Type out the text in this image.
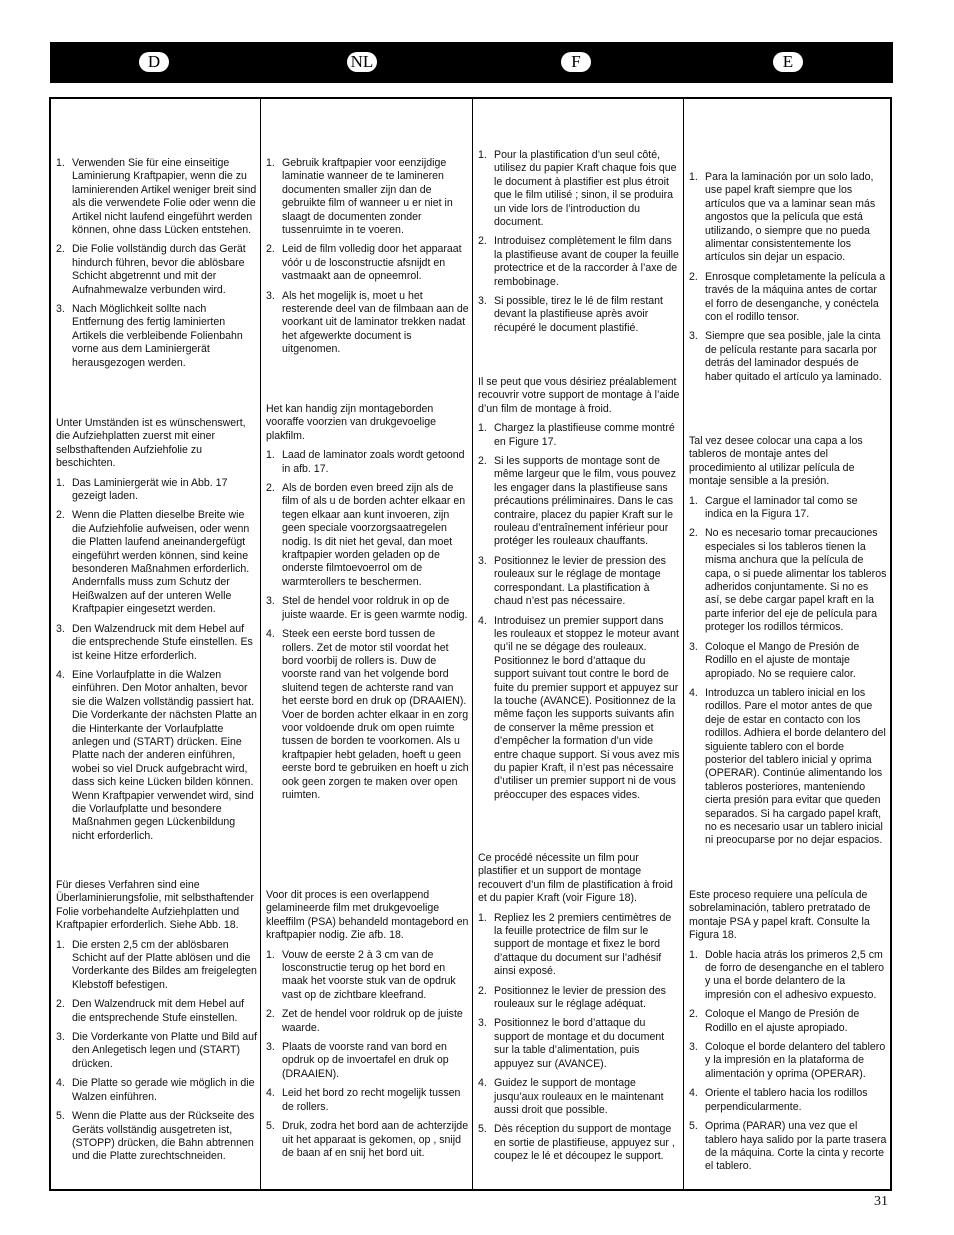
D	NL	F	E
Verwenden Sie für eine einseitige Laminierung Kraftpapier, wenn die zu laminierenden Artikel weniger breit sind als die verwendete Folie oder wenn die Artikel nicht laufend eingeführt werden können, ohne dass Lücken entstehen.
Die Folie vollständig durch das Gerät hindurch führen, bevor die ablösbare Schicht abgetrennt und mit der Aufnahmewalze verbunden wird.
Nach Möglichkeit sollte nach Entfernung des fertig laminierten Artikels die verbleibende Folienbahn vorne aus dem Laminiergerät herausgezogen werden.

Unter Umständen ist es wünschenswert, die Aufziehplatten zuerst mit einer selbsthaftenden Aufziehfolie zu beschichten.

Das Laminiergerät wie in Abb. 17 gezeigt laden.
Wenn die Platten dieselbe Breite wie die Aufziehfolie aufweisen, oder wenn die Platten laufend aneinandergefügt eingeführt werden können, sind keine besonderen Maßnahmen erforderlich. Andernfalls muss zum Schutz der Heißwalzen auf der unteren Welle Kraftpapier eingesetzt werden.
Den Walzendruck mit dem Hebel auf die entsprechende Stufe einstellen. Es ist keine Hitze erforderlich.
Eine Vorlaufplatte in die Walzen einführen. Den Motor anhalten, bevor sie die Walzen vollständig passiert hat. Die Vorderkante der nächsten Platte an die Hinterkante der Vorlaufplatte anlegen und (START) drücken. Eine Platte nach der anderen einführen, wobei so viel Druck aufgebracht wird, dass sich keine Lücken bilden können. Wenn Kraftpapier verwendet wird, sind die Vorlaufplatte und besondere Maßnahmen gegen Lückenbildung nicht erforderlich.

Für dieses Verfahren sind eine Überlaminierungsfolie, mit selbsthaftender Folie vorbehandelte Aufziehplatten und Kraftpapier erforderlich. Siehe Abb. 18.

Die ersten 2,5 cm der ablösbaren Schicht auf der Platte ablösen und die Vorderkante des Bildes am freigelegten Klebstoff befestigen.
Den Walzendruck mit dem Hebel auf die entsprechende Stufe einstellen.
Die Vorderkante von Platte und Bild auf den Anlegetisch legen und (START) drücken.
Die Platte so gerade wie möglich in die Walzen einführen.
Wenn die Platte aus der Rückseite des Geräts vollständig ausgetreten ist, (STOPP) drücken, die Bahn abtrennen und die Platte zurechtschneiden.
Gebruik kraftpapier voor eenzijdige laminatie wanneer de te lamineren documenten smaller zijn dan de gebruikte film of wanneer u er niet in slaagt de documenten zonder tussenruimte in te voeren.
Leid de film volledig door het apparaat vóór u de losconstructie afsnijdt en vastmaakt aan de opneemrol.
Als het mogelijk is, moet u het resterende deel van de filmbaan aan de voorkant uit de laminator trekken nadat het afgewerkte document is uitgenomen.

Het kan handig zijn montageborden vooraffe voorzien van drukgevoelige plakfilm.

Laad de laminator zoals wordt getoond in afb. 17.
Als de borden even breed zijn als de film of als u de borden achter elkaar en tegen elkaar aan kunt invoeren, zijn geen speciale voorzorgsaatregelen nodig. Is dit niet het geval, dan moet kraftpapier worden geladen op de onderste filmtoevoerrol om de warmterollers te beschermen.
Stel de hendel voor roldruk in op de juiste waarde. Er is geen warmte nodig.
Steek een eerste bord tussen de rollers. Zet de motor stil voordat het bord voorbij de rollers is. Duw de voorste rand van het volgende bord sluitend tegen de achterste rand van het eerste bord en druk op (DRAAIEN). Voer de borden achter elkaar in en zorg voor voldoende druk om open ruimte tussen de borden te voorkomen. Als u kraftpapier hebt geladen, hoeft u geen eerste bord te gebruiken en hoeft u zich ook geen zorgen te maken over open ruimten.

Voor dit proces is een overlappend gelamineerde film met drukgevoelige kleeffilm (PSA) behandeld montagebord en kraftpapier nodig. Zie afb. 18.

Vouw de eerste 2 à 3 cm van de losconstructie terug op het bord en maak het voorste stuk van de opdruk vast op de zichtbare kleefrand.
Zet de hendel voor roldruk op de juiste waarde.
Plaats de voorste rand van bord en opdruk op de invoertafel en druk op (DRAAIEN).
Leid het bord zo recht mogelijk tussen de rollers.
Druk, zodra het bord aan de achterzijde uit het apparaat is gekomen, op , snijd de baan af en snij het bord uit.
Pour la plastification d’un seul côté, utilisez du papier Kraft chaque fois que le document à plastifier est plus étroit que le film utilisé ; sinon, il se produira un vide lors de l’introduction du document.
Introduisez complètement le film dans la plastifieuse avant de couper la feuille protectrice et de la raccorder à l’axe de rembobinage.
Si possible, tirez le lé de film restant devant la plastifieuse après avoir récupéré le document plastifié.

Il se peut que vous désiriez préalablement recouvrir votre support de montage à l’aide d’un film de montage à froid.

Chargez la plastifieuse comme montré en Figure 17.
Si les supports de montage sont de même largeur que le film, vous pouvez les engager dans la plastifieuse sans précautions préliminaires. Dans le cas contraire, placez du papier Kraft sur le rouleau d’entraînement inférieur pour protéger les rouleaux chauffants.
Positionnez le levier de pression des rouleaux sur le réglage de montage correspondant. La plastification à chaud n’est pas nécessaire.
Introduisez un premier support dans les rouleaux et stoppez le moteur avant qu’il ne se dégage des rouleaux. Positionnez le bord d’attaque du support suivant tout contre le bord de fuite du premier support et appuyez sur la touche (AVANCE). Positionnez de la même façon les supports suivants afin de conserver la même pression et d’empêcher la formation d’un vide entre chaque support. Si vous avez mis du papier Kraft, il n’est pas nécessaire d’utiliser un premier support ni de vous préoccuper des espaces vides.

Ce procédé nécessite un film pour plastifier et un support de montage recouvert d’un film de plastification à froid et du papier Kraft (voir Figure 18).

Repliez les 2 premiers centimètres de la feuille protectrice de film sur le support de montage et fixez le bord d’attaque du document sur l’adhésif ainsi exposé.
Positionnez le levier de pression des rouleaux sur le réglage adéquat.
Positionnez le bord d’attaque du support de montage et du document sur la table d’alimentation, puis appuyez sur (AVANCE).
Guidez le support de montage jusqu’aux rouleaux en le maintenant aussi droit que possible.
Dès réception du support de montage en sortie de plastifieuse, appuyez sur , coupez le lé et découpez le support.
Para la laminación por un solo lado, use papel kraft siempre que los artículos que va a laminar sean más angostos que la película que está utilizando, o siempre que no pueda alimentar consistentemente los artículos sin dejar un espacio.
Enrosque completamente la película a través de la máquina antes de cortar el forro de desenganche, y conéctela con el rodillo tensor.
Siempre que sea posible, jale la cinta de película restante para sacarla por detrás del laminador después de haber quitado el artículo ya laminado.

Tal vez desee colocar una capa a los tableros de montaje antes del procedimiento al utilizar película de montaje sensible a la presión.

Cargue el laminador tal como se indica en la Figura 17.
No es necesario tomar precauciones especiales si los tableros tienen la misma anchura que la película de capa, o si puede alimentar los tableros adheridos conjuntamente. Si no es así, se debe cargar papel kraft en la parte inferior del eje de película para proteger los rodillos térmicos.
Coloque el Mango de Presión de Rodillo en el ajuste de montaje apropiado. No se requiere calor.
Introduzca un tablero inicial en los rodillos. Pare el motor antes de que deje de estar en contacto con los rodillos. Adhiera el borde delantero del siguiente tablero con el borde posterior del tablero inicial y oprima (OPERAR). Continúe alimentando los tableros posteriores, manteniendo cierta presión para evitar que queden separados. Si ha cargado papel kraft, no es necesario usar un tablero inicial ni preocuparse por no dejar espacios.

Este proceso requiere una película de sobrelaminación, tablero pretratado de montaje PSA y papel kraft. Consulte la Figura 18.

Doble hacia atrás los primeros 2,5 cm de forro de desenganche en el tablero y una el borde delantero de la impresión con el adhesivo expuesto.
Coloque el Mango de Presión de Rodillo en el ajuste apropiado.
Coloque el borde delantero del tablero y la impresión en la plataforma de alimentación y oprima (OPERAR).
Oriente el tablero hacia los rodillos perpendicularmente.
Oprima (PARAR) una vez que el tablero haya salido por la parte trasera de la máquina. Corte la cinta y recorte el tablero.
31
